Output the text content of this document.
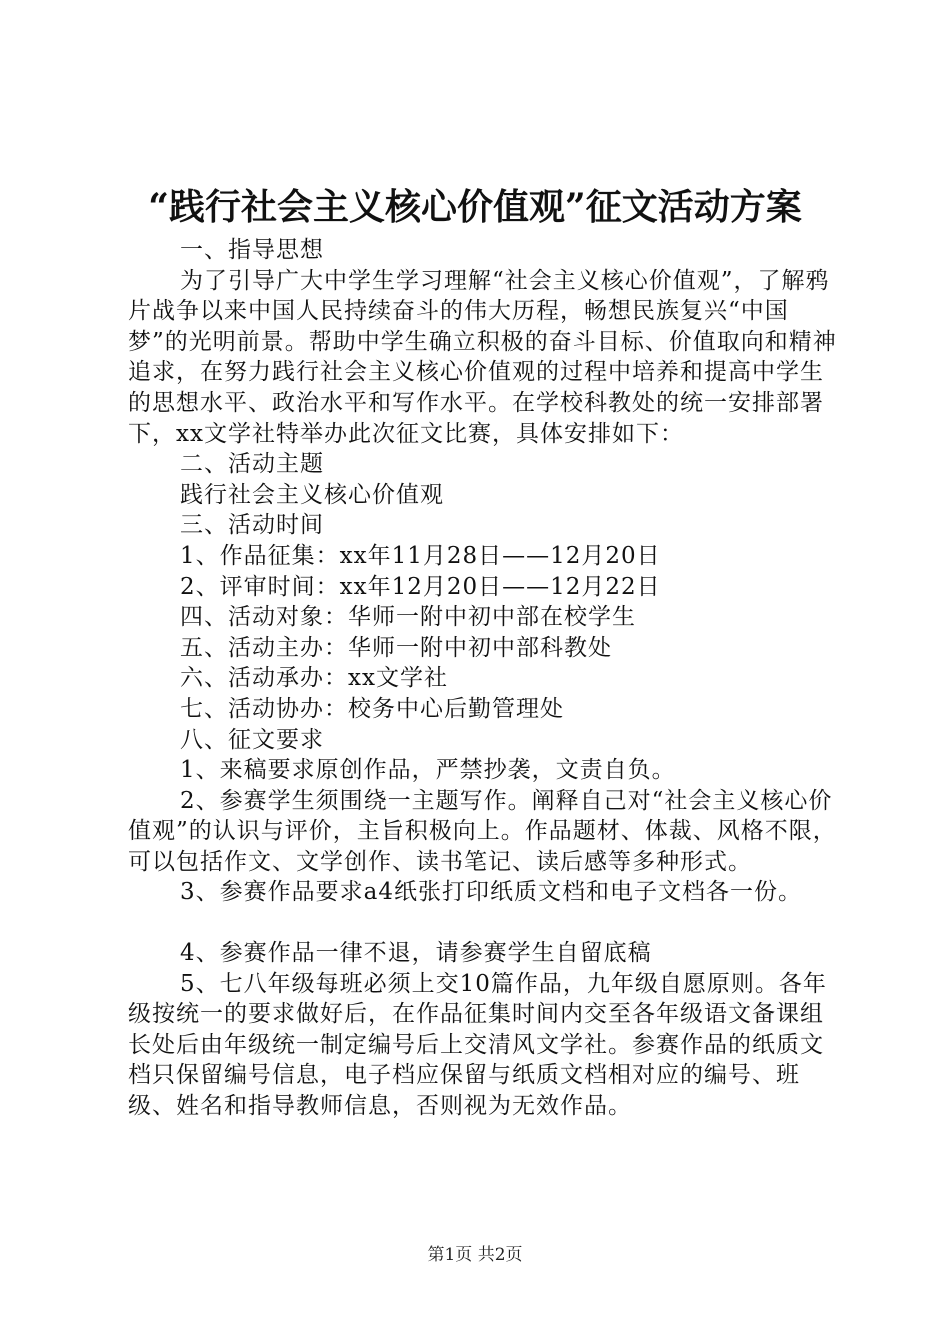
“践行社会主义核心价值观”征文活动方案

一、指导思想

为了引导广大中学生学习理解“社会主义核心价值观”，了解鸦片战争以来中国人民持续奋斗的伟大历程，畅想民族复兴“中国梦”的光明前景。帮助中学生确立积极的奋斗目标、价值取向和精神追求，在努力践行社会主义核心价值观的过程中培养和提高中学生的思想水平、政治水平和写作水平。在学校科教处的统一安排部署下，xx文学社特举办此次征文比赛，具体安排如下：

二、活动主题

践行社会主义核心价值观

三、活动时间

1、作品征集：xx年11月28日——12月20日

2、评审时间：xx年12月20日——12月22日

四、活动对象：华师一附中初中部在校学生

五、活动主办：华师一附中初中部科教处

六、活动承办：xx文学社

七、活动协办：校务中心后勤管理处

八、征文要求

1、来稿要求原创作品，严禁抄袭，文责自负。

2、参赛学生须围绕一主题写作。阐释自己对“社会主义核心价值观”的认识与评价，主旨积极向上。作品题材、体裁、风格不限，可以包括作文、文学创作、读书笔记、读后感等多种形式。

3、参赛作品要求a4纸张打印纸质文档和电子文档各一份。

4、参赛作品一律不退，请参赛学生自留底稿

5、七八年级每班必须上交10篇作品，九年级自愿原则。各年级按统一的要求做好后，在作品征集时间内交至各年级语文备课组长处后由年级统一制定编号后上交清风文学社。参赛作品的纸质文档只保留编号信息，电子档应保留与纸质文档相对应的编号、班级、姓名和指导教师信息，否则视为无效作品。

第1页 共2页
